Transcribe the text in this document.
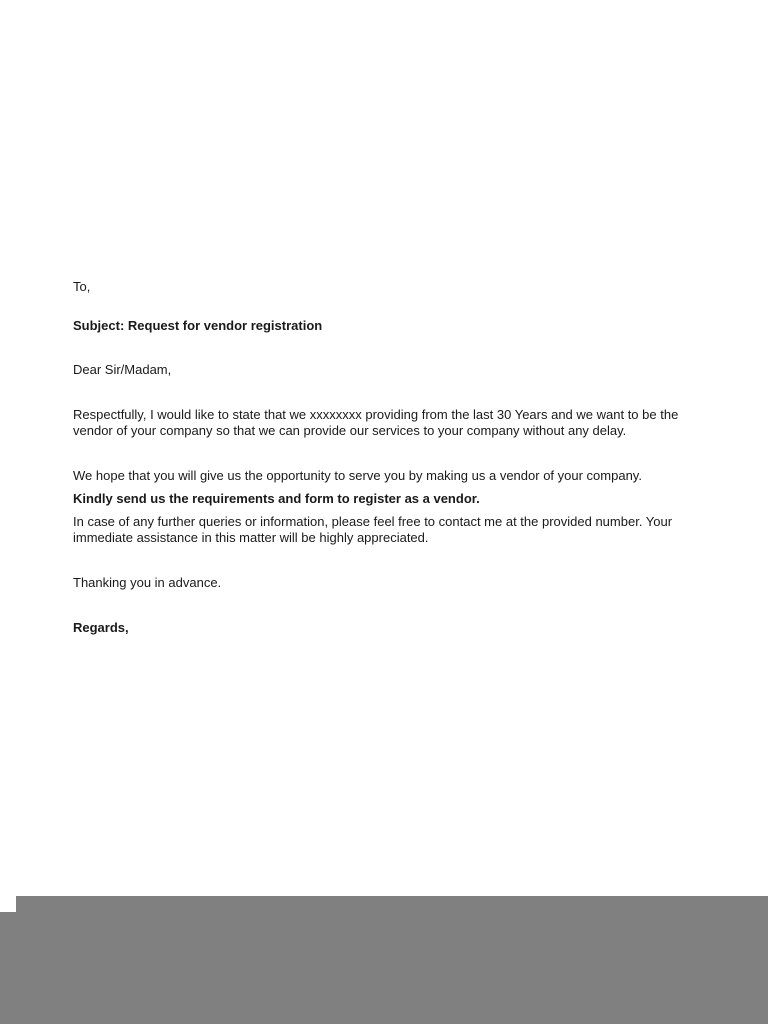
To,

Subject: Request for vendor registration

Dear Sir/Madam,

Respectfully, I would like to state that we xxxxxxxx providing from the last 30 Years and we want to be the vendor of your company so that we can provide our services to your company without any delay.

We hope that you will give us the opportunity to serve you by making us a vendor of your company.

Kindly send us the requirements and form to register as a vendor.

In case of any further queries or information, please feel free to contact me at the provided number. Your immediate assistance in this matter will be highly appreciated.

Thanking you in advance.

Regards,
